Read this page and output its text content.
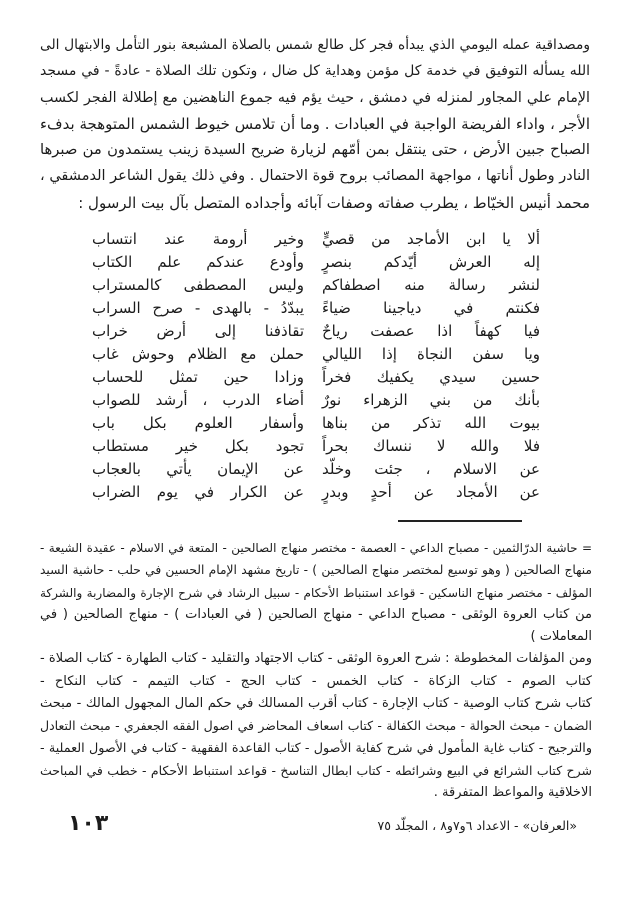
ومصداقية عمله اليومي الذي يبدأه فجر كل طالع شمس بالصلاة المشبعة بنور التأمل والابتهال الى
الله يسأله التوفيق في خدمة كل مؤمن وهداية كل ضال ، وتكون تلك الصلاة - عادةً - في مسجد
الإمام علي المجاور لمنزله في دمشق ، حيث يؤم فيه جموع الناهضين مع إطلالة الفجر لكسب
الأجر ، واداء الفريضة الواجبة في العبادات . وما أن تلامس خيوط الشمس المتوهجة بدفء
الصباح جبين الأرض ، حتى ينتقل بمن أمّهم لزيارة ضريح السيدة زينب يستمدون من صبرها
النادر وطول أناتها ، مواجهة المصائب بروح قوة الاحتمال . وفي ذلك يقول الشاعر الدمشقي ،
محمد أنيس الخيّاط ، يطرب صفاته وصفات آبائه وأجداده المتصل بآل بيت الرسول :
ألا يا ابن الأماجد من قصيٍّ
وخير أرومة عند انتساب
إله العرش أيّدكم بنصرٍ
وأودع عندكم علم الكتاب
لنشر رسالة منه اصطفاكم
وليس المصطفى كالمستراب
فكنتم في دياجينا ضياءً
يبدّدُ - بالهدى - صرح السراب
فيا كهفاً اذا عصفت رياحٌ
تقاذفنا إلى أرض خراب
ويا سفن النجاة إذا الليالي
حملن مع الظلام وحوش غاب
حسين سيدي يكفيك فخراً
وزادا حين تمثل للحساب
بأنك من بني الزهراء نورٌ
أضاء الدرب ، أرشد للصواب
بيوت الله تذكر من بناها
وأسفار العلوم بكل باب
فلا والله لا ننساك بحراً
تجود بكل خير مستطاب
عن الاسلام ، جئت وخلّد
عن الإيمان يأتي بالعجاب
عن الأمجاد عن أحدٍ وبدرٍ
عن الكرار في يوم الضراب
= حاشية الدرّالثمين - مصباح الداعي - العصمة - مختصر منهاج الصالحين - المتعة في الاسلام - عقيدة الشيعة -
منهاج الصالحين ( وهو توسيع لمختصر منهاج الصالحين ) - تاريخ مشهد الإمام الحسين في حلب - حاشية السيد
المؤلف - مختصر منهاج الناسكين - قواعد استنباط الأحكام - سبيل الرشاد في شرح الإجارة والمضاربة والشركة
من كتاب العروة الوثقى - مصباح الداعي - منهاج الصالحين ( في العبادات ) - منهاج الصالحين ( في
المعاملات )
ومن المؤلفات المخطوطة : شرح العروة الوثقى - كتاب الاجتهاد والتقليد - كتاب الطهارة - كتاب الصلاة -
كتاب الصوم - كتاب الزكاة - كتاب الخمس - كتاب الحج - كتاب التيمم - كتاب النكاح -
كتاب شرح كتاب الوصية - كتاب الإجارة - كتاب أقرب المسالك في حكم المال المجهول المالك - مبحث
الضمان - مبحث الحوالة - مبحث الكفالة - كتاب اسعاف المحاضر في اصول الفقه الجعفري - مبحث التعادل
والترجيح - كتاب غاية المأمول في شرح كفاية الأصول - كتاب القاعدة الفقهية - كتاب في الأصول العملية -
شرح كتاب الشرائع في البيع وشرائطه - كتاب ابطال التناسخ - قواعد استنباط الأحكام - خطب في المباحث
الاخلاقية والمواعظ المتفرقة .
«العرفان» - الاعداد ٦و٧و٨ ، المجلّد ٧٥
١٠٣
